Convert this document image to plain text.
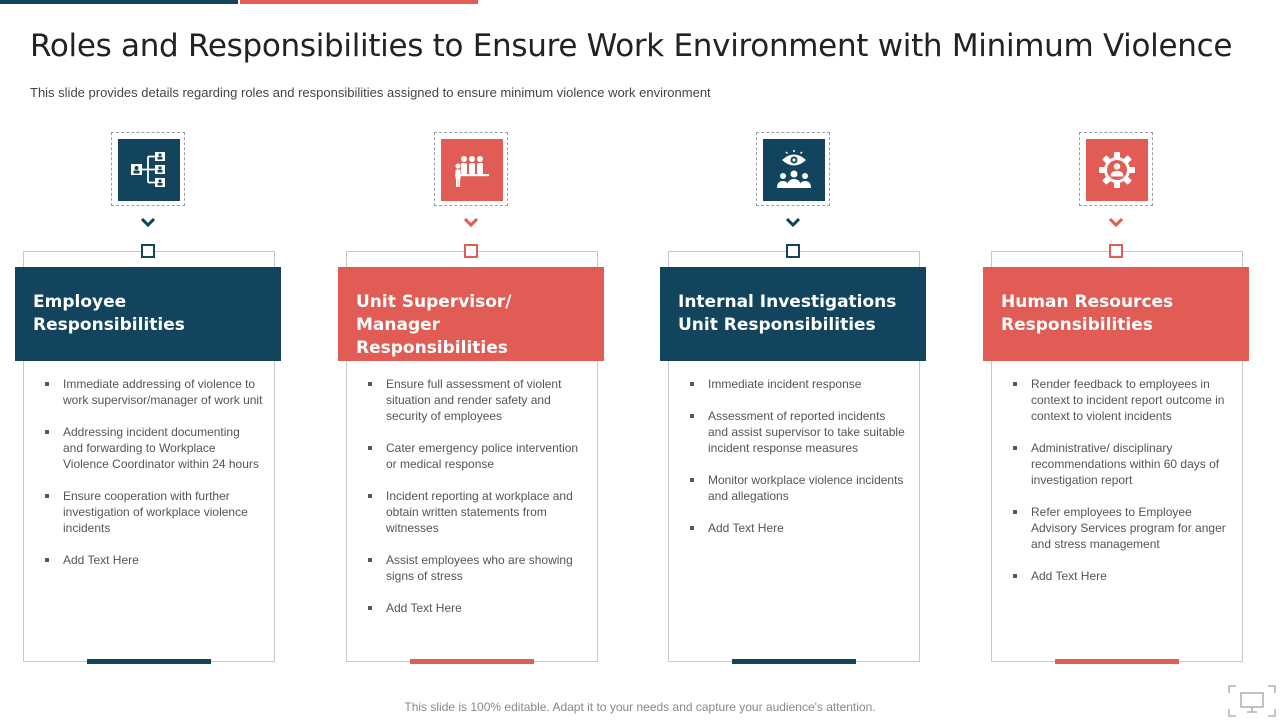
Roles and Responsibilities to Ensure Work Environment with Minimum Violence

This slide provides details regarding roles and responsibilities assigned to ensure minimum violence work environment

Employee
Responsibilities
Immediate addressing of violence to work supervisor/manager of work unit
Addressing incident documenting and forwarding to Workplace Violence Coordinator within 24 hours
Ensure cooperation with further investigation of workplace violence incidents
Add Text Here
Unit Supervisor/
Manager Responsibilities
Ensure full assessment of violent situation and render safety and security of employees
Cater emergency police intervention or medical response
Incident reporting at workplace and obtain written statements from witnesses
Assist employees who are showing signs of stress
Add Text Here
Internal Investigations
Unit Responsibilities
Immediate incident response
Assessment of reported incidents and assist supervisor to take suitable incident response measures
Monitor workplace violence incidents and allegations
Add Text Here
Human Resources
Responsibilities
Render feedback to employees in context to incident report outcome in context to violent incidents
Administrative/ disciplinary recommendations within 60 days of investigation report
Refer employees to Employee Advisory Services program for anger and stress management
Add Text Here

This slide is 100% editable. Adapt it to your needs and capture your audience's attention.
